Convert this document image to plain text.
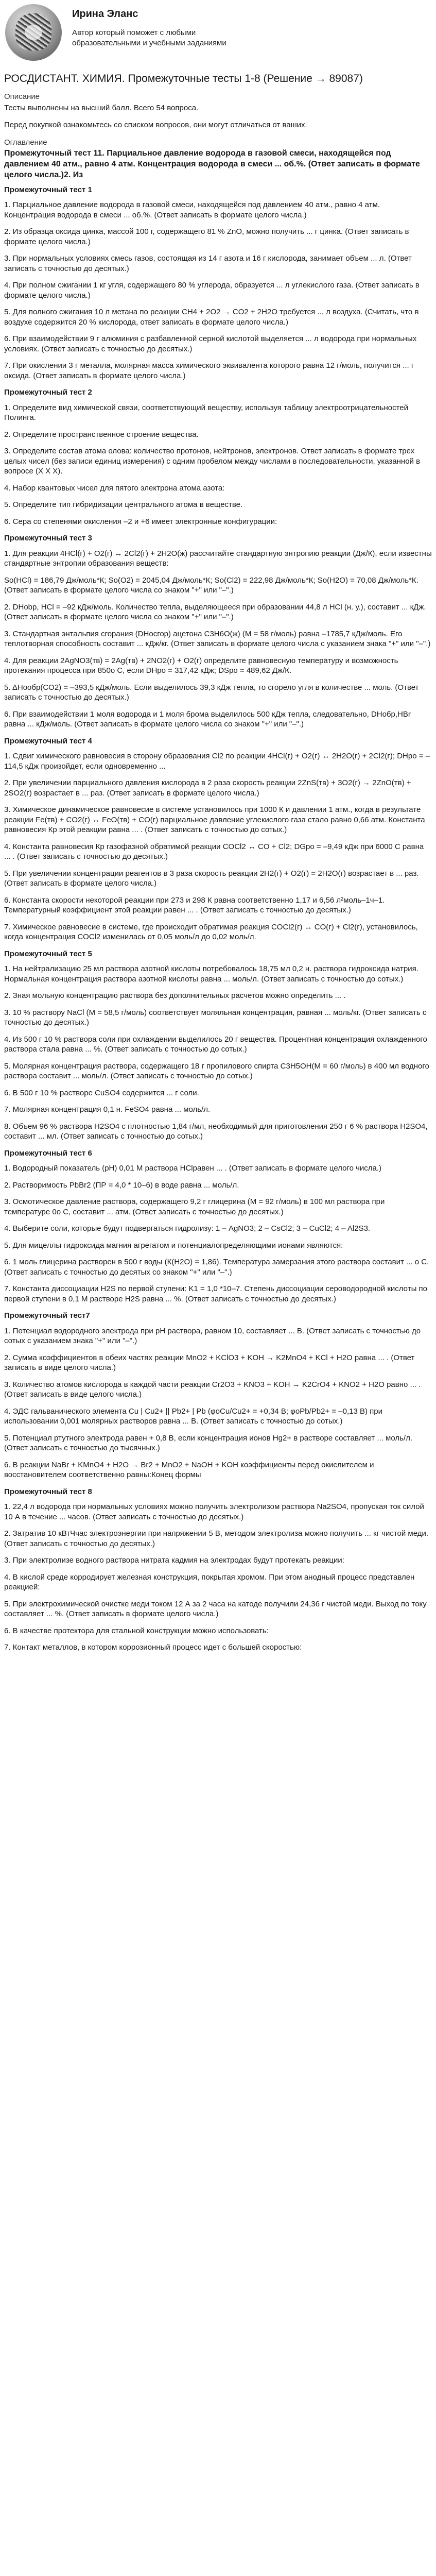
Ирина Эланс
Автор который поможет с любыми образовательными и учебными заданиями
РОСДИСТАНТ. ХИМИЯ. Промежуточные тесты 1-8 (Решение → 89087)
Описание
Тесты выполнены на высший балл. Всего 54 вопроса.
Перед покупкой ознакомьтесь со списком вопросов, они могут отличаться от ваших.
Оглавление
Промежуточный тест 11. Парциальное давление водорода в газовой смеси, находящейся под давлением 40 атм., равно 4 атм. Концентрация водорода в смеси ... об.%. (Ответ записать в формате целого числа.)2. Из
Промежуточный тест 1
1. Парциальное давление водорода в газовой смеси, находящейся под давлением 40 атм., равно 4 атм. Концентрация водорода в смеси ... об.%. (Ответ записать в формате целого числа.)
2. Из образца оксида цинка, массой 100 г, содержащего 81 % ZnO, можно получить ... г цинка. (Ответ записать в формате целого числа.)
3. При нормальных условиях смесь газов, состоящая из 14 г азота и 16 г кислорода, занимает объем ... л. (Ответ записать с точностью до десятых.)
4. При полном сжигании 1 кг угля, содержащего 80 % углерода, образуется ... л углекислого газа. (Ответ записать в формате целого числа.)
5. Для полного сжигания 10 л метана по реакции CH4 + 2O2 → CO2 + 2H2O требуется ... л воздуха. (Считать, что в воздухе содержится 20 % кислорода, ответ записать в формате целого числа.)
6. При взаимодействии 9 г алюминия с разбавленной серной кислотой выделяется ... л водорода при нормальных условиях. (Ответ записать с точностью до десятых.)
7. При окислении 3 г металла, молярная масса химического эквивалента которого равна 12 г/моль, получится ... г оксида. (Ответ записать в формате целого числа.)
Промежуточный тест 2
1. Определите вид химической связи, соответствующий веществу, используя таблицу электроотрицательностей Полинга.
2. Определите пространственное строение вещества.
3. Определите состав атома олова: количество протонов, нейтронов, электронов. Ответ записать в формате трех целых чисел (без записи единиц измерения) с одним пробелом между числами в последовательности, указанной в вопросе (X X X).
4. Набор квантовых чисел для пятого электрона атома азота:
5. Определите тип гибридизации центрального атома в веществе.
6. Сера со степенями окисления –2 и +6 имеет электронные конфигурации:
Промежуточный тест 3
1. Для реакции 4HCl(г) + O2(г) ↔ 2Cl2(г) + 2H2O(ж) рассчитайте стандартную энтропию реакции (Дж/К), если известны стандартные энтропии образования веществ:
So(HCl) = 186,79 Дж/моль*К; So(O2) = 2045,04 Дж/моль*К; So(Cl2) = 222,98 Дж/моль*К; So(H2O) = 70,08 Дж/моль*К. (Ответ записать в формате целого числа со знаком "+" или "–".)
2. DHobр, HCl = –92 кДж/моль. Количество тепла, выделяющееся при образовании 44,8 л HCl (н. у.), составит ... кДж. (Ответ записать в формате целого числа со знаком "+" или "–".)
3. Стандартная энтальпия сгорания (DHocгор) ацетона C3H6O(ж) (M = 58 г/моль) равна –1785,7 кДж/моль. Его теплотворная способность составит ... кДж/кг. (Ответ записать в формате целого числа с указанием знака "+" или "–".)
4. Для реакции 2AgNO3(тв) = 2Ag(тв) + 2NO2(г) + O2(г) определите равновесную температуру и возможность протекания процесса при 850о С, если DHpo = 317,42 кДж; DSpo = 489,62 Дж/К.
5. ΔHoобр(CO2) = –393,5 кДж/моль. Если выделилось 39,3 кДж тепла, то сгорело угля в количестве ... моль. (Ответ записать с точностью до десятых.)
6. При взаимодействии 1 моля водорода и 1 моля брома выделилось 500 кДж тепла, следовательно, DHобр,HBr равна ... кДж/моль. (Ответ записать в формате целого числа со знаком "+" или "–".)
Промежуточный тест 4
1. Сдвиг химического равновесия в сторону образования Cl2 по реакции 4HCl(г) + O2(г) ↔ 2H2O(г) + 2Cl2(г); DHpo = –114,5 кДж произойдет, если одновременно ...
2. При увеличении парциального давления кислорода в 2 раза скорость реакции 2ZnS(тв) + 3O2(г) → 2ZnO(тв) + 2SO2(г) возрастает в ... раз. (Ответ записать в формате целого числа.)
3. Химическое динамическое равновесие в системе установилось при 1000 К и давлении 1 атм., когда в результате реакции Fe(тв) + CO2(г) ↔ FeO(тв) + CO(г) парциальное давление углекислого газа стало равно 0,66 атм. Константа равновесия Кр этой реакции равна ... . (Ответ записать с точностью до сотых.)
4. Константа равновесия Кр газофазной обратимой реакции COCl2 ↔ CO + Cl2; DGpo = –9,49 кДж при 6000 С равна ... . (Ответ записать с точностью до десятых.)
5. При увеличении концентрации реагентов в 3 раза скорость реакции 2H2(г) + O2(г) = 2H2O(г) возрастает в ... раз. (Ответ записать в формате целого числа.)
6. Константа скорости некоторой реакции при 273 и 298 К равна соответственно 1,17 и 6,56 л²моль–1ч–1. Температурный коэффициент этой реакции равен ... . (Ответ записать с точностью до десятых.)
7. Химическое равновесие в системе, где происходит обратимая реакция COCl2(г) ↔ CO(г) + Cl2(г), установилось, когда концентрация COCl2 изменилась от 0,05 моль/л до 0,02 моль/л.
Промежуточный тест 5
1. На нейтрализацию 25 мл раствора азотной кислоты потребовалось 18,75 мл 0,2 н. раствора гидроксида натрия. Нормальная концентрация раствора азотной кислоты равна ... моль/л. (Ответ записать с точностью до сотых.)
2. Зная мольную концентрацию раствора без дополнительных расчетов можно определить ... .
3. 10 % раствору NaCl (M = 58,5 г/моль) соответствует моляльная концентрация, равная ... моль/кг. (Ответ записать с точностью до десятых.)
4. Из 500 г 10 % раствора соли при охлаждении выделилось 20 г вещества. Процентная концентрация охлажденного раствора стала равна ... %. (Ответ записать с точностью до сотых.)
5. Молярная концентрация раствора, содержащего 18 г пропилового спирта C3H5OH(M = 60 г/моль) в 400 мл водного раствора составит ... моль/л. (Ответ записать с точностью до сотых.)
6. В 500 г 10 % растворе CuSO4 содержится ... г соли.
7. Молярная концентрация 0,1 н. FeSO4 равна ... моль/л.
8. Объем 96 % раствора H2SO4 с плотностью 1,84 г/мл, необходимый для приготовления 250 г 6 % раствора H2SO4, составит ... мл. (Ответ записать с точностью до сотых.)
Промежуточный тест 6
1. Водородный показатель (pH) 0,01 М раствора HClравен ... . (Ответ записать в формате целого числа.)
2. Растворимость PbBr2 (ПР = 4,0 * 10–6) в воде равна ... моль/л.
3. Осмотическое давление раствора, содержащего 9,2 г глицерина (M = 92 г/моль) в 100 мл раствора при температуре 0o C, составит ... атм. (Ответ записать с точностью до десятых.)
4. Выберите соли, которые будут подвергаться гидролизу: 1 – AgNO3; 2 – CsCl2; 3 – CuCl2; 4 – Al2S3.
5. Для мицеллы гидроксида магния агрегатом и потенциалопределяющими ионами являются:
6. 1 моль глицерина растворен в 500 г воды (К(H2O) = 1,86). Температура замерзания этого раствора составит ... о С. (Ответ записать с точностью до десятых со знаком "+" или "–".)
7. Константа диссоциации H2S по первой ступени: K1 = 1,0 *10–7. Степень диссоциации сероводородной кислоты по первой ступени в 0,1 М растворе H2S равна ... %. (Ответ записать с точностью до десятых.)
Промежуточный тест7
1. Потенциал водородного электрода при pH раствора, равном 10, составляет ... В. (Ответ записать с точностью до сотых с указанием знака "+" или "–".)
2. Сумма коэффициентов в обеих частях реакции MnO2 + KClO3 + KOH → K2MnO4 + KCl + H2O равна ... . (Ответ записать в виде целого числа.)
3. Количество атомов кислорода в каждой части реакции Cr2O3 + KNO3 + KOH → K2CrO4 + KNO2 + H2O равно ... . (Ответ записать в виде целого числа.)
4. ЭДС гальванического элемента Cu | Cu2+ || Pb2+ | Pb (φoCu/Cu2+ = +0,34 В; φoPb/Pb2+ = –0,13 В) при использовании 0,001 молярных растворов равна ... В. (Ответ записать с точностью до сотых.)
5. Потенциал ртутного электрода равен + 0,8 В, если концентрация ионов Hg2+ в растворе составляет ... моль/л. (Ответ записать с точностью до тысячных.)
6. В реакции NaBr + KMnO4 + H2O → Br2 + MnO2 + NaOH + KOH коэффициенты перед окислителем и восстановителем соответственно равны:Конец формы
Промежуточный тест 8
1. 22,4 л водорода при нормальных условиях можно получить электролизом раствора Na2SO4, пропуская ток силой 10 А в течение ... часов. (Ответ записать с точностью до десятых.)
2. Затратив 10 кВтЧчас электроэнергии при напряжении 5 В, методом электролиза можно получить ... кг чистой меди. (Ответ записать с точностью до десятых.)
3. При электролизе водного раствора нитрата кадмия на электродах будут протекать реакции:
4. В кислой среде корродирует железная конструкция, покрытая хромом. При этом анодный процесс представлен реакцией:
5. При электрохимической очистке меди током 12 А за 2 часа на катоде получили 24,36 г чистой меди. Выход по току составляет ... %. (Ответ записать в формате целого числа.)
6. В качестве протектора для стальной конструкции можно использовать:
7. Контакт металлов, в котором коррозионный процесс идет с большей скоростью:
